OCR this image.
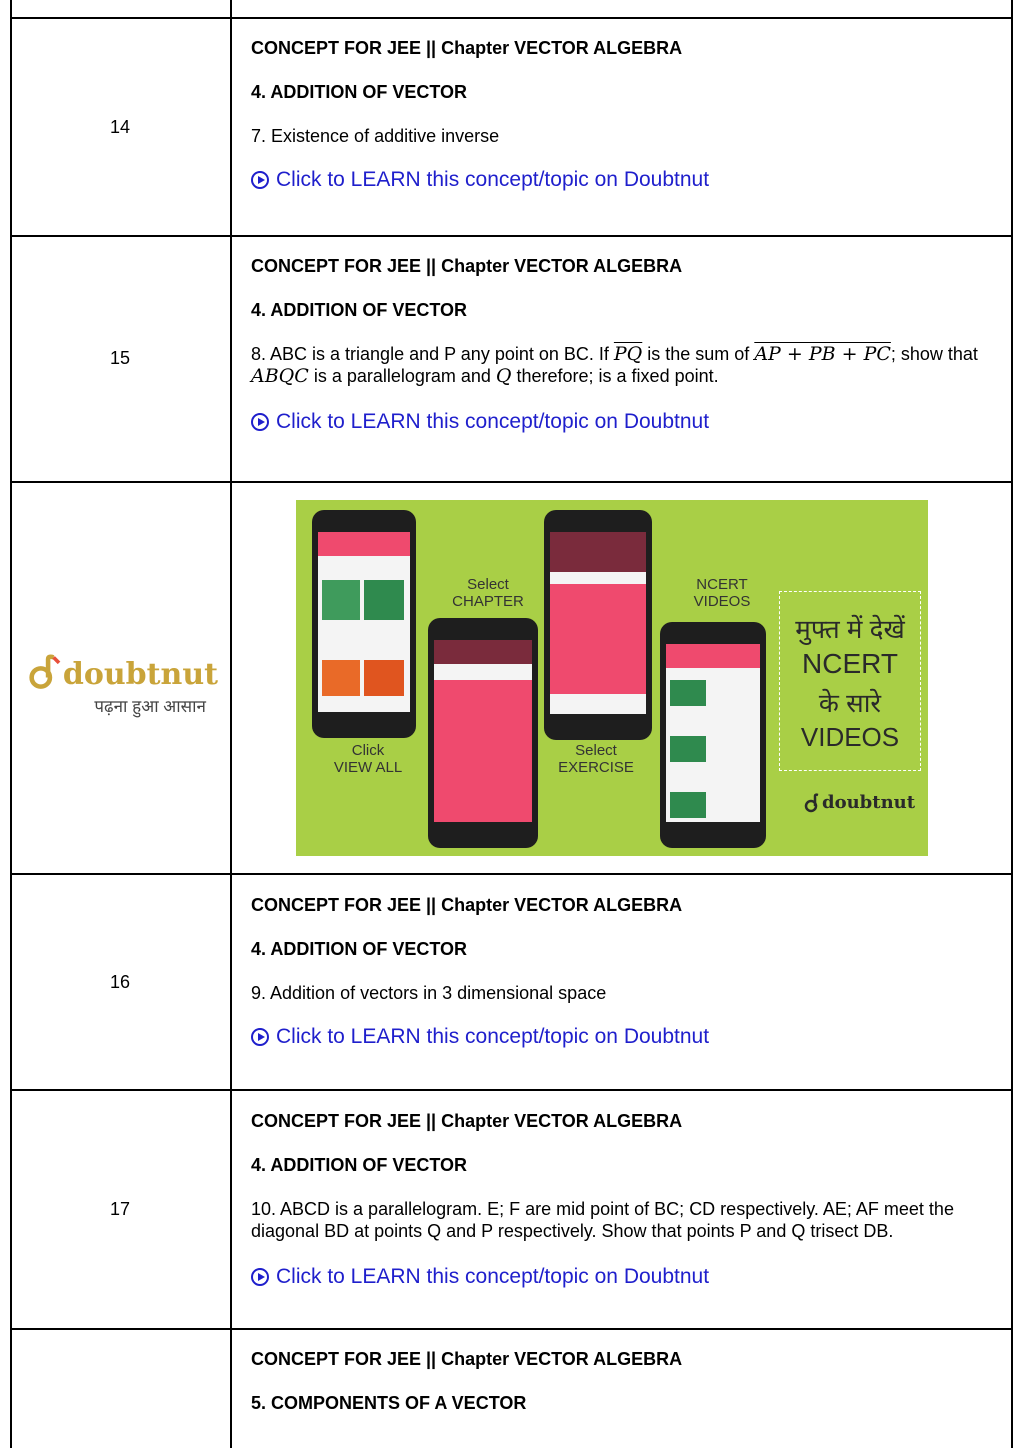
14

CONCEPT FOR JEE || Chapter VECTOR ALGEBRA

4. ADDITION OF VECTOR

7. Existence of additive inverse

Click to LEARN this concept/topic on Doubtnut

15

CONCEPT FOR JEE || Chapter VECTOR ALGEBRA

4. ADDITION OF VECTOR

8. ABC is a triangle and P any point on BC. If $\overline{PQ}$ is the sum of AP + PB + PC; show that ABQC is a parallelogram and Q therefore; is a fixed point.

Click to LEARN this concept/topic on Doubtnut

16

CONCEPT FOR JEE || Chapter VECTOR ALGEBRA

4. ADDITION OF VECTOR

9. Addition of vectors in 3 dimensional space

Click to LEARN this concept/topic on Doubtnut

17

CONCEPT FOR JEE || Chapter VECTOR ALGEBRA

4. ADDITION OF VECTOR

10. ABCD is a parallelogram. E; F are mid point of BC; CD respectively. AE; AF meet the diagonal BD at points Q and P respectively. Show that points P and Q trisect DB.

Click to LEARN this concept/topic on Doubtnut

CONCEPT FOR JEE || Chapter VECTOR ALGEBRA

5. COMPONENTS OF A VECTOR

doubtnut
पढ़ना हुआ आसान
Select
CHAPTER
NCERT
VIDEOS
Click
VIEW ALL
Select
EXERCISE
मुफ्त में देखें
NCERT
के सारे
VIDEOS
doubtnut
